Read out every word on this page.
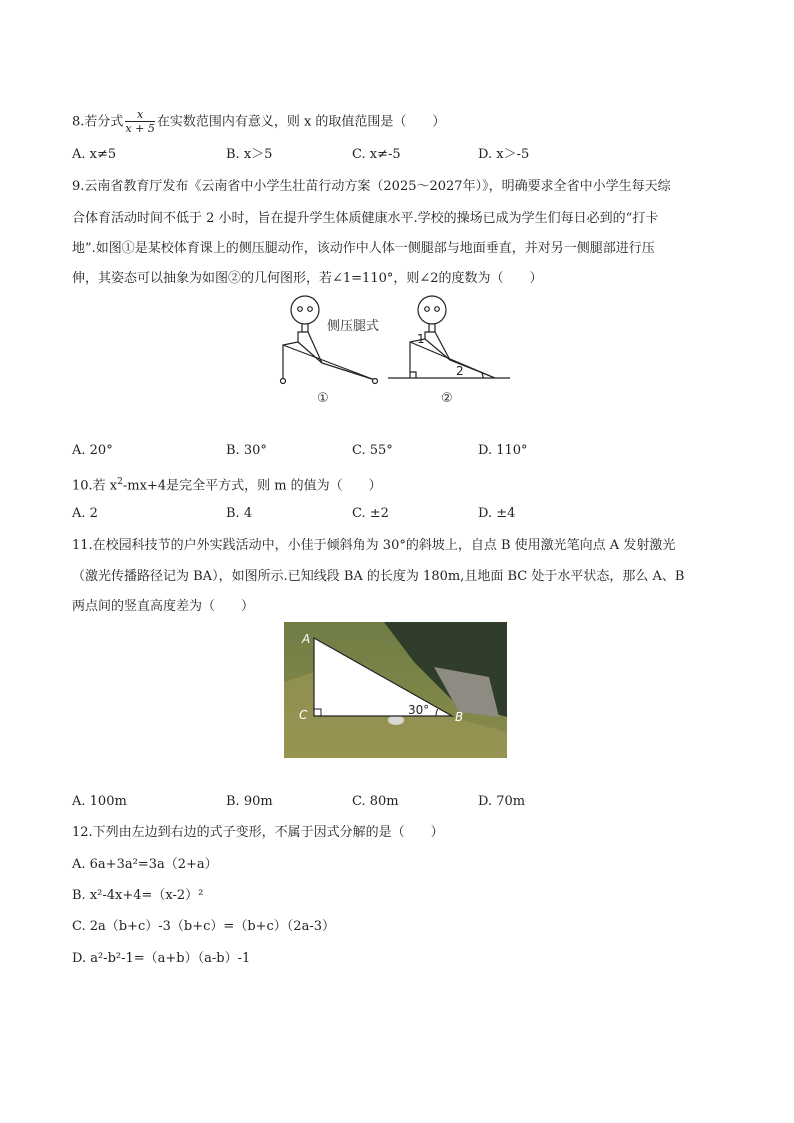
8.若分式 $\frac{x}{x + 5}$ 在实数范围内有意义，则 x 的取值范围是（　　）
A. x≠5	B. x＞5	C. x≠-5	D. x＞-5
9.云南省教育厅发布《云南省中小学生壮苗行动方案（2025～2027年）》，明确要求全省中小学生每天综
合体育活动时间不低于 2 小时，旨在提升学生体质健康水平.学校的操场已成为学生们每日必到的“打卡
地”.如图①是某校体育课上的侧压腿动作，该动作中人体一侧腿部与地面垂直，并对另一侧腿部进行压
伸，其姿态可以抽象为如图②的几何图形，若∠1=110°，则∠2的度数为（　　）
侧压腿式
①
1
2
②
A. 20°	B. 30°	C. 55°	D. 110°
10.若 $x^2-mx+4$是完全平方式，则 m 的值为（　　）
A. 2	B. 4	C. ±2	D. ±4
11.在校园科技节的户外实践活动中，小佳于倾斜角为 30°的斜坡上，自点 B 使用激光笔向点 A 发射激光
（激光传播路径记为 BA），如图所示.已知线段 BA 的长度为 180m,且地面 BC 处于水平状态，那么 A、B
两点间的竖直高度差为（　　）
A
C	B
30°
A. 100m	B. 90m	C. 80m	D. 70m
12.下列由左边到右边的式子变形，不属于因式分解的是（　　）
A. 6a+3a²=3a（2+a）
B. x²-4x+4=（x-2）²
C. 2a（b+c）-3（b+c）=（b+c）（2a-3）
D. a²-b²-1=（a+b）（a-b）-1
